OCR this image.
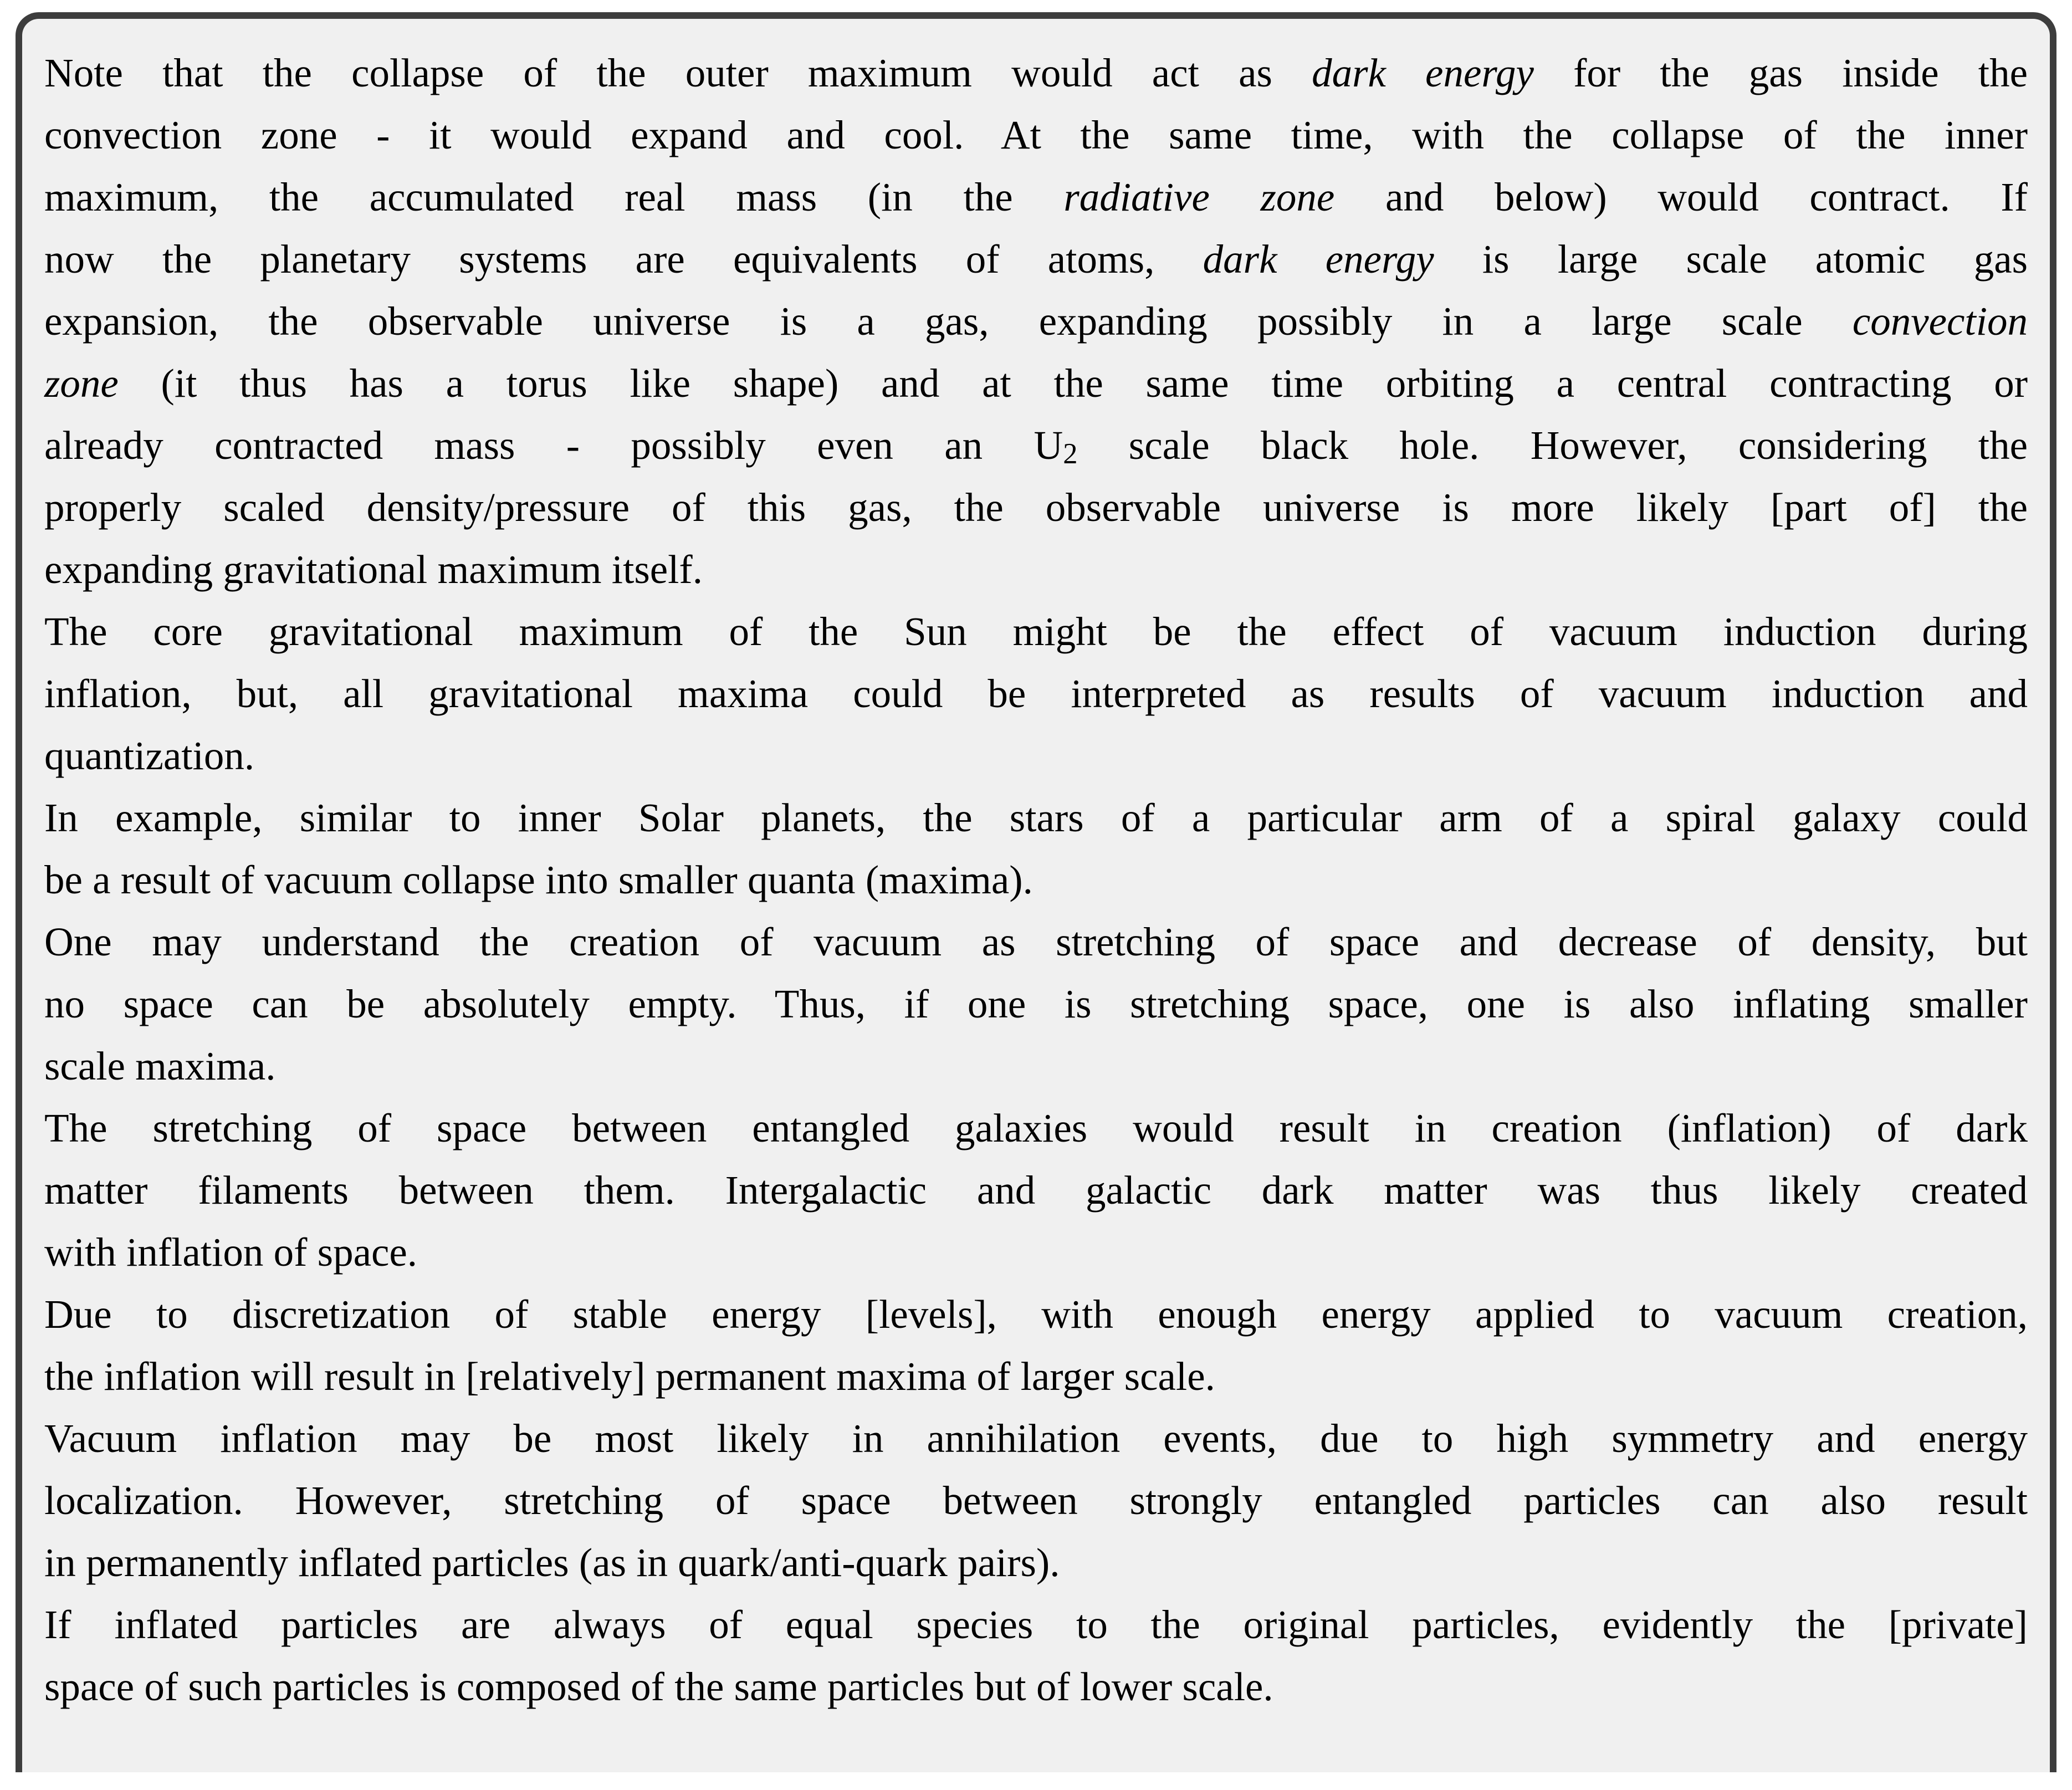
Note that the collapse of the outer maximum would act as dark energy for the gas inside the
convection zone - it would expand and cool. At the same time, with the collapse of the inner
maximum, the accumulated real mass (in the radiative zone and below) would contract. If
now the planetary systems are equivalents of atoms, dark energy is large scale atomic gas
expansion, the observable universe is a gas, expanding possibly in a large scale convection
zone (it thus has a torus like shape) and at the same time orbiting a central contracting or
already contracted mass - possibly even an $U_2$ scale black hole. However, considering the
properly scaled density/pressure of this gas, the observable universe is more likely [part of] the
expanding gravitational maximum itself.
The core gravitational maximum of the Sun might be the effect of vacuum induction during
inflation, but, all gravitational maxima could be interpreted as results of vacuum induction and
quantization.
In example, similar to inner Solar planets, the stars of a particular arm of a spiral galaxy could
be a result of vacuum collapse into smaller quanta (maxima).
One may understand the creation of vacuum as stretching of space and decrease of density, but
no space can be absolutely empty. Thus, if one is stretching space, one is also inflating smaller
scale maxima.
The stretching of space between entangled galaxies would result in creation (inflation) of dark
matter filaments between them. Intergalactic and galactic dark matter was thus likely created
with inflation of space.
Due to discretization of stable energy [levels], with enough energy applied to vacuum creation,
the inflation will result in [relatively] permanent maxima of larger scale.
Vacuum inflation may be most likely in annihilation events, due to high symmetry and energy
localization. However, stretching of space between strongly entangled particles can also result
in permanently inflated particles (as in quark/anti-quark pairs).
If inflated particles are always of equal species to the original particles, evidently the [private]
space of such particles is composed of the same particles but of lower scale.
